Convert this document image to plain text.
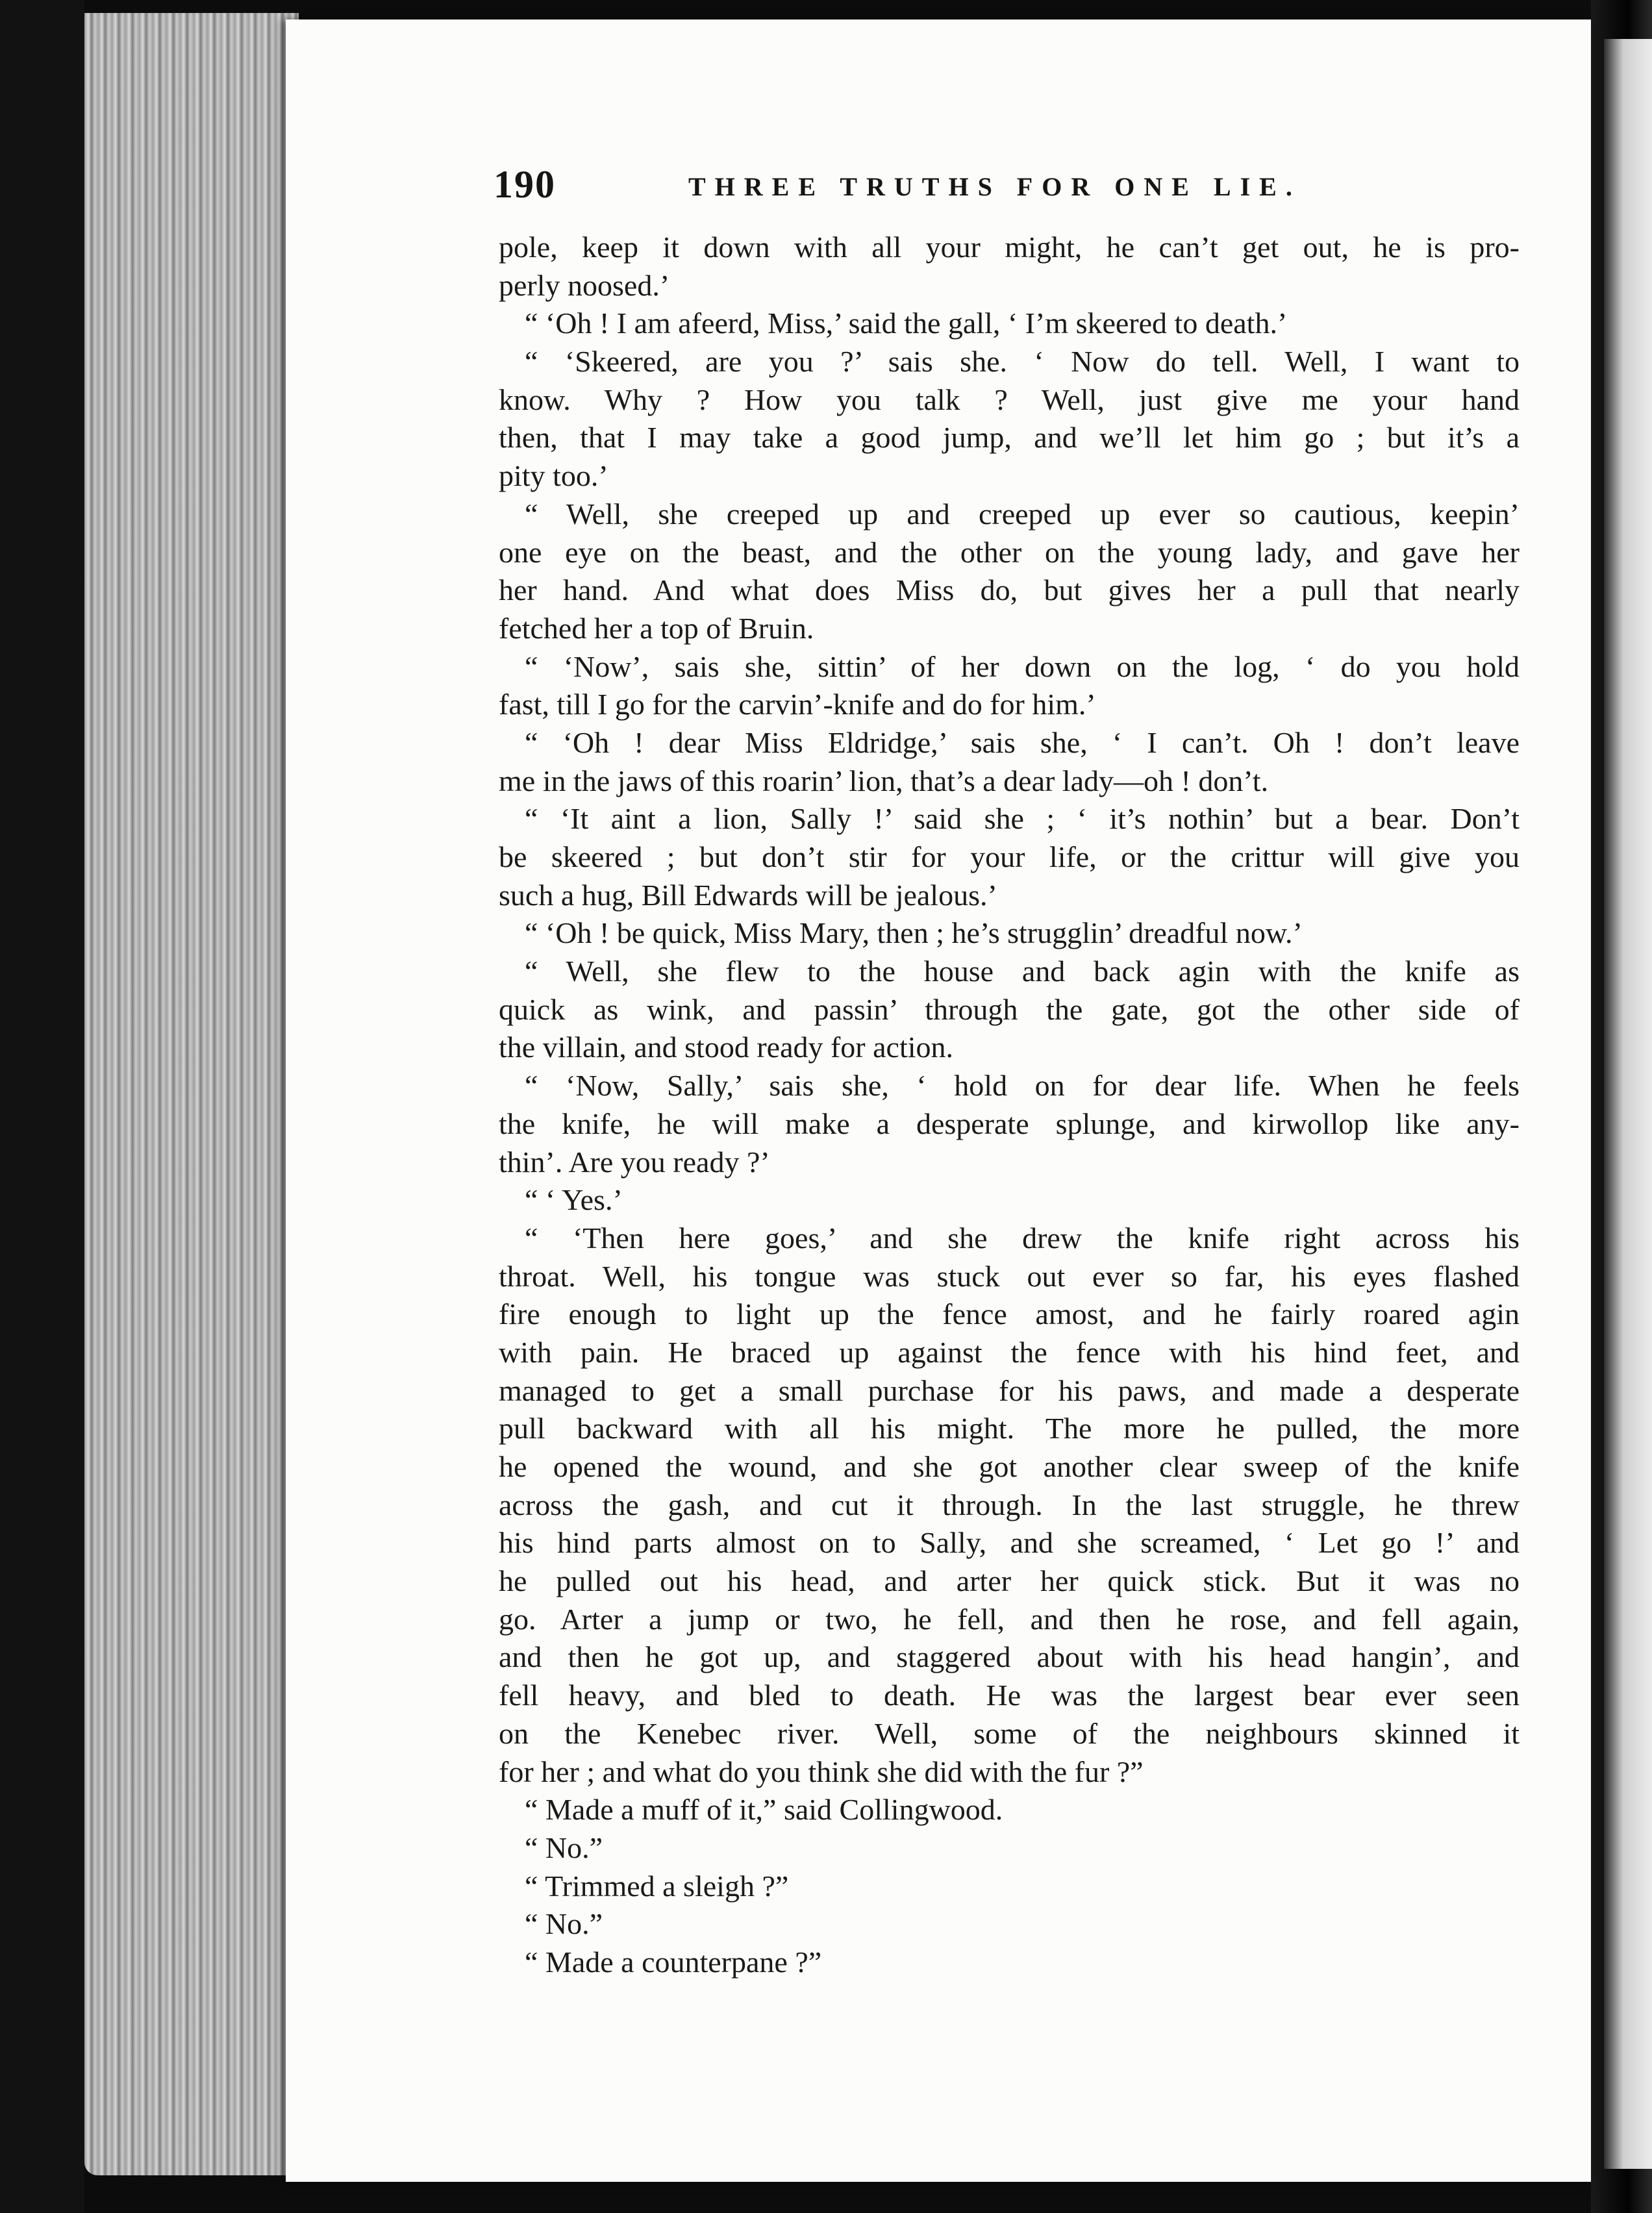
190	THREE TRUTHS FOR ONE LIE.
pole, keep it down with all your might, he can’t get out, he is pro-
perly noosed.’
“ ‘Oh ! I am afeerd, Miss,’ said the gall, ‘ I’m skeered to death.’
“ ‘Skeered, are you ?’ sais she. ‘ Now do tell. Well, I want to
know. Why ? How you talk ? Well, just give me your hand
then, that I may take a good jump, and we’ll let him go ; but it’s a
pity too.’
“ Well, she creeped up and creeped up ever so cautious, keepin’
one eye on the beast, and the other on the young lady, and gave her
her hand. And what does Miss do, but gives her a pull that nearly
fetched her a top of Bruin.
“ ‘Now’, sais she, sittin’ of her down on the log, ‘ do you hold
fast, till I go for the carvin’-knife and do for him.’
“ ‘Oh ! dear Miss Eldridge,’ sais she, ‘ I can’t. Oh ! don’t leave
me in the jaws of this roarin’ lion, that’s a dear lady—oh ! don’t.
“ ‘It aint a lion, Sally !’ said she ; ‘ it’s nothin’ but a bear. Don’t
be skeered ; but don’t stir for your life, or the crittur will give you
such a hug, Bill Edwards will be jealous.’
“ ‘Oh ! be quick, Miss Mary, then ; he’s strugglin’ dreadful now.’
“ Well, she flew to the house and back agin with the knife as
quick as wink, and passin’ through the gate, got the other side of
the villain, and stood ready for action.
“ ‘Now, Sally,’ sais she, ‘ hold on for dear life. When he feels
the knife, he will make a desperate splunge, and kirwollop like any-
thin’. Are you ready ?’
“ ‘ Yes.’
“ ‘Then here goes,’ and she drew the knife right across his
throat. Well, his tongue was stuck out ever so far, his eyes flashed
fire enough to light up the fence amost, and he fairly roared agin
with pain. He braced up against the fence with his hind feet, and
managed to get a small purchase for his paws, and made a desperate
pull backward with all his might. The more he pulled, the more
he opened the wound, and she got another clear sweep of the knife
across the gash, and cut it through. In the last struggle, he threw
his hind parts almost on to Sally, and she screamed, ‘ Let go !’ and
he pulled out his head, and arter her quick stick. But it was no
go. Arter a jump or two, he fell, and then he rose, and fell again,
and then he got up, and staggered about with his head hangin’, and
fell heavy, and bled to death. He was the largest bear ever seen
on the Kenebec river. Well, some of the neighbours skinned it
for her ; and what do you think she did with the fur ?”
“ Made a muff of it,” said Collingwood.
“ No.”
“ Trimmed a sleigh ?”
“ No.”
“ Made a counterpane ?”
